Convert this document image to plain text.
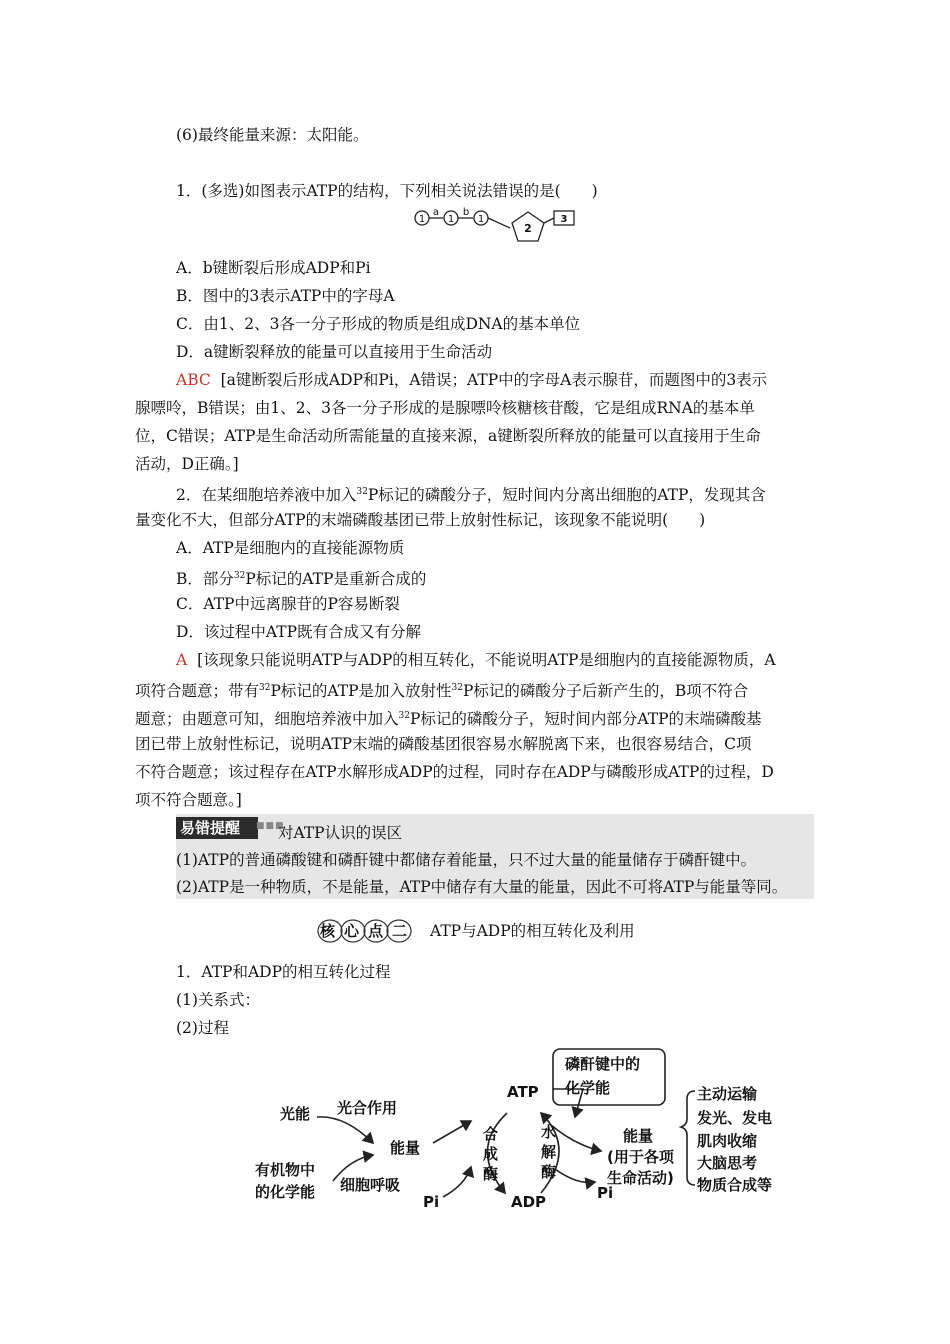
(6)最终能量来源：太阳能。
1．(多选)如图表示ATP的结构，下列相关说法错误的是(　　)
1
a
1
b
1
2
3
A．b键断裂后形成ADP和Pi
B．图中的3表示ATP中的字母A
C．由1、2、3各一分子形成的物质是组成DNA的基本单位
D．a键断裂释放的能量可以直接用于生命活动
ABC [a键断裂后形成ADP和Pi，A错误；ATP中的字母A表示腺苷，而题图中的3表示
腺嘌呤，B错误；由1、2、3各一分子形成的是腺嘌呤核糖核苷酸，它是组成RNA的基本单
位，C错误；ATP是生命活动所需能量的直接来源，a键断裂所释放的能量可以直接用于生命
活动，D正确。]
2．在某细胞培养液中加入$^{32}$P标记的磷酸分子，短时间内分离出细胞的ATP，发现其含
量变化不大，但部分ATP的末端磷酸基团已带上放射性标记，该现象不能说明(　　)
A．ATP是细胞内的直接能源物质
B．部分$^{32}$P标记的ATP是重新合成的
C．ATP中远离腺苷的P容易断裂
D．该过程中ATP既有合成又有分解
A [该现象只能说明ATP与ADP的相互转化，不能说明ATP是细胞内的直接能源物质，A
项符合题意；带有$^{32}$P标记的ATP是加入放射性$^{32}$P标记的磷酸分子后新产生的，B项不符合
题意；由题意可知，细胞培养液中加入$^{32}$P标记的磷酸分子，短时间内部分ATP的末端磷酸基
团已带上放射性标记，说明ATP末端的磷酸基团很容易水解脱离下来，也很容易结合，C项
不符合题意；该过程存在ATP水解形成ADP的过程，同时存在ADP与磷酸形成ATP的过程，D
项不符合题意。]
易错提醒	■■■
对ATP认识的误区
(1)ATP的普通磷酸键和磷酐键中都储存着能量，只不过大量的能量储存于磷酐键中。
(2)ATP是一种物质，不是能量，ATP中储存有大量的能量，因此不可将ATP与能量等同。
核心点二 ATP与ADP的相互转化及利用
1．ATP和ADP的相互转化过程
(1)关系式：
(2)过程
光能 光合作用
能量
有机物中
的化学能 细胞呼吸
Pi
ATP
ADP
合
成
酶
水
解
酶
磷酐键中的
化学能
能量
(用于各项
生命活动)
Pi
主动运输
发光、发电
肌肉收缩
大脑思考
物质合成等
